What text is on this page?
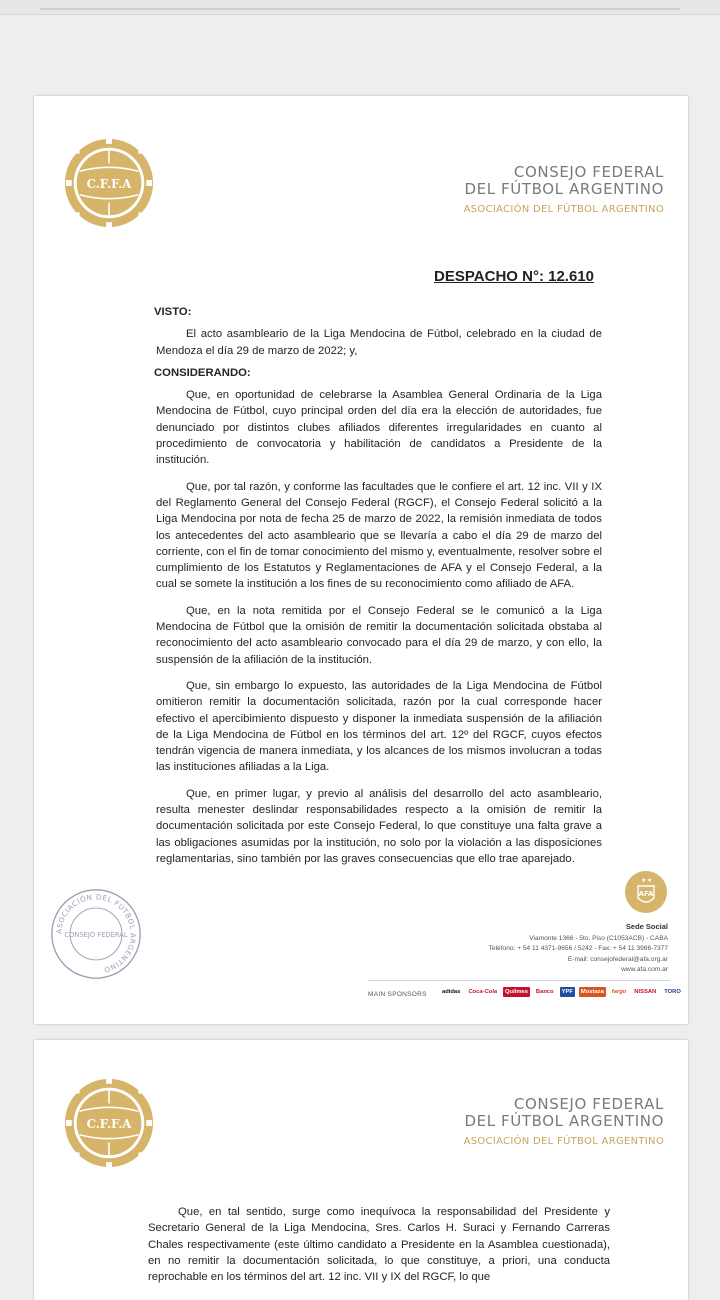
C.F.F.A
CONSEJO FEDERAL
DEL FÚTBOL ARGENTINO
ASOCIACIÓN DEL FÚTBOL ARGENTINO
DESPACHO N°: 12.610
VISTO:

El acto asambleario de la Liga Mendocina de Fútbol, celebrado en la ciudad de Mendoza el día 29 de marzo de 2022; y,

CONSIDERANDO:

Que, en oportunidad de celebrarse la Asamblea General Ordinaria de la Liga Mendocina de Fútbol, cuyo principal orden del día era la elección de autoridades, fue denunciado por distintos clubes afiliados diferentes irregularidades en cuanto al procedimiento de convocatoria y habilitación de candidatos a Presidente de la institución.

Que, por tal razón, y conforme las facultades que le confiere el art. 12 inc. VII y IX del Reglamento General del Consejo Federal (RGCF), el Consejo Federal solicitó a la Liga Mendocina por nota de fecha 25 de marzo de 2022, la remisión inmediata de todos los antecedentes del acto asambleario que se llevaría a cabo el día 29 de marzo del corriente, con el fin de tomar conocimiento del mismo y, eventualmente, resolver sobre el cumplimiento de los Estatutos y Reglamentaciones de AFA y el Consejo Federal, a la cual se somete la institución a los fines de su reconocimiento como afiliado de AFA.

Que, en la nota remitida por el Consejo Federal se le comunicó a la Liga Mendocina de Fútbol que la omisión de remitir la documentación solicitada obstaba al reconocimiento del acto asambleario convocado para el día 29 de marzo, y con ello, la suspensión de la afiliación de la institución.

Que, sin embargo lo expuesto, las autoridades de la Liga Mendocina de Fútbol omitieron remitir la documentación solicitada, razón por la cual corresponde hacer efectivo el apercibimiento dispuesto y disponer la inmediata suspensión de la afiliación de la Liga Mendocina de Fútbol en los términos del art. 12º del RGCF, cuyos efectos tendrán vigencia de manera inmediata, y los alcances de los mismos involucran a todas las instituciones afiliadas a la Liga.

Que, en primer lugar, y previo al análisis del desarrollo del acto asambleario, resulta menester deslindar responsabilidades respecto a la omisión de remitir la documentación solicitada por este Consejo Federal, lo que constituye una falta grave a las obligaciones asumidas por la institución, no solo por la violación a las disposiciones reglamentarias, sino también por las graves consecuencias que ello trae aparejado.

ASOCIACIÓN DEL FÚTBOL ARGENTINO
CONSEJO FEDERAL
★ ★
AFA
Sede Social
Viamonte 1366 - 5to. Piso (C1053ACB) - CABA
Teléfono: + 54 11 4371-9656 / 5242 - Fax: + 54 11 3986-7377
E-mail: consejofederal@afa.org.ar
www.afa.com.ar
MAIN SPONSORS	adidas	Coca-Cola	Quilmes	Banco	YPF	Mostaza	fargo	NISSAN	TORO
C.F.F.A
CONSEJO FEDERAL
DEL FÚTBOL ARGENTINO
ASOCIACIÓN DEL FÚTBOL ARGENTINO

Que, en tal sentido, surge como inequívoca la responsabilidad del Presidente y Secretario General de la Liga Mendocina, Sres. Carlos H. Suraci y Fernando Carreras Chales respectivamente (este último candidato a Presidente en la Asamblea cuestionada), en no remitir la documentación solicitada, lo que constituye, a priori, una conducta reprochable en los términos del art. 12 inc. VII y IX del RGCF, lo que
